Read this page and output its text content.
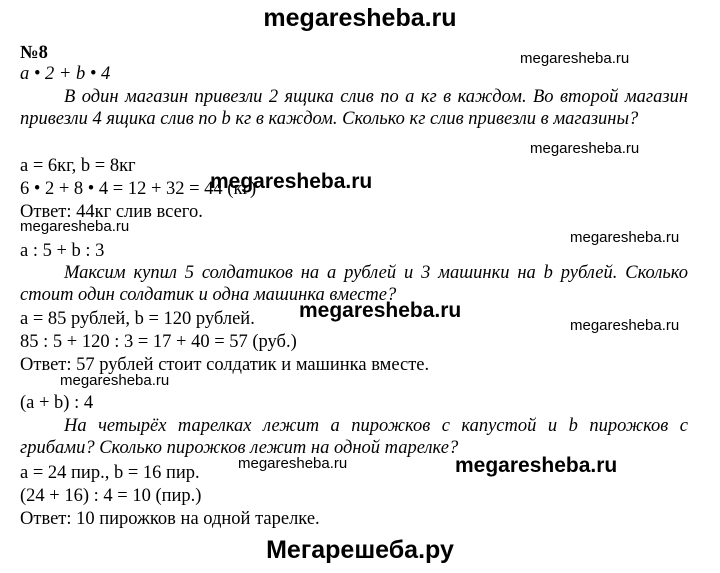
megaresheba.ru
№8
a • 2 + b • 4
В один магазин привезли 2 ящика слив по a кг в каждом. Во второй магазин привезли 4 ящика слив по b кг в каждом. Сколько кг слив привезли в магазины?
a = 6кг, b = 8кг
6 • 2 + 8 • 4 = 12 + 32 = 44 (кг)
Ответ: 44кг слив всего.
a : 5 + b : 3
Максим купил 5 солдатиков на a рублей и 3 машинки на b рублей. Сколько стоит один солдатик и одна машинка вместе?
a = 85 рублей, b = 120 рублей.
85 : 5 + 120 : 3 = 17 + 40 = 57 (руб.)
Ответ: 57 рублей стоит солдатик и машинка вместе.
(a + b) : 4
На четырёх тарелках лежит a пирожков с капустой и b пирожков с грибами? Сколько пирожков лежит на одной тарелке?
a = 24 пир., b = 16 пир.
(24 + 16) : 4 = 10 (пир.)
Ответ: 10 пирожков на одной тарелке.
megaresheba.ru
megaresheba.ru
megaresheba.ru
megaresheba.ru
megaresheba.ru
megaresheba.ru
megaresheba.ru
megaresheba.ru
megaresheba.ru	megaresheba.ru
Мегарешеба.ру
